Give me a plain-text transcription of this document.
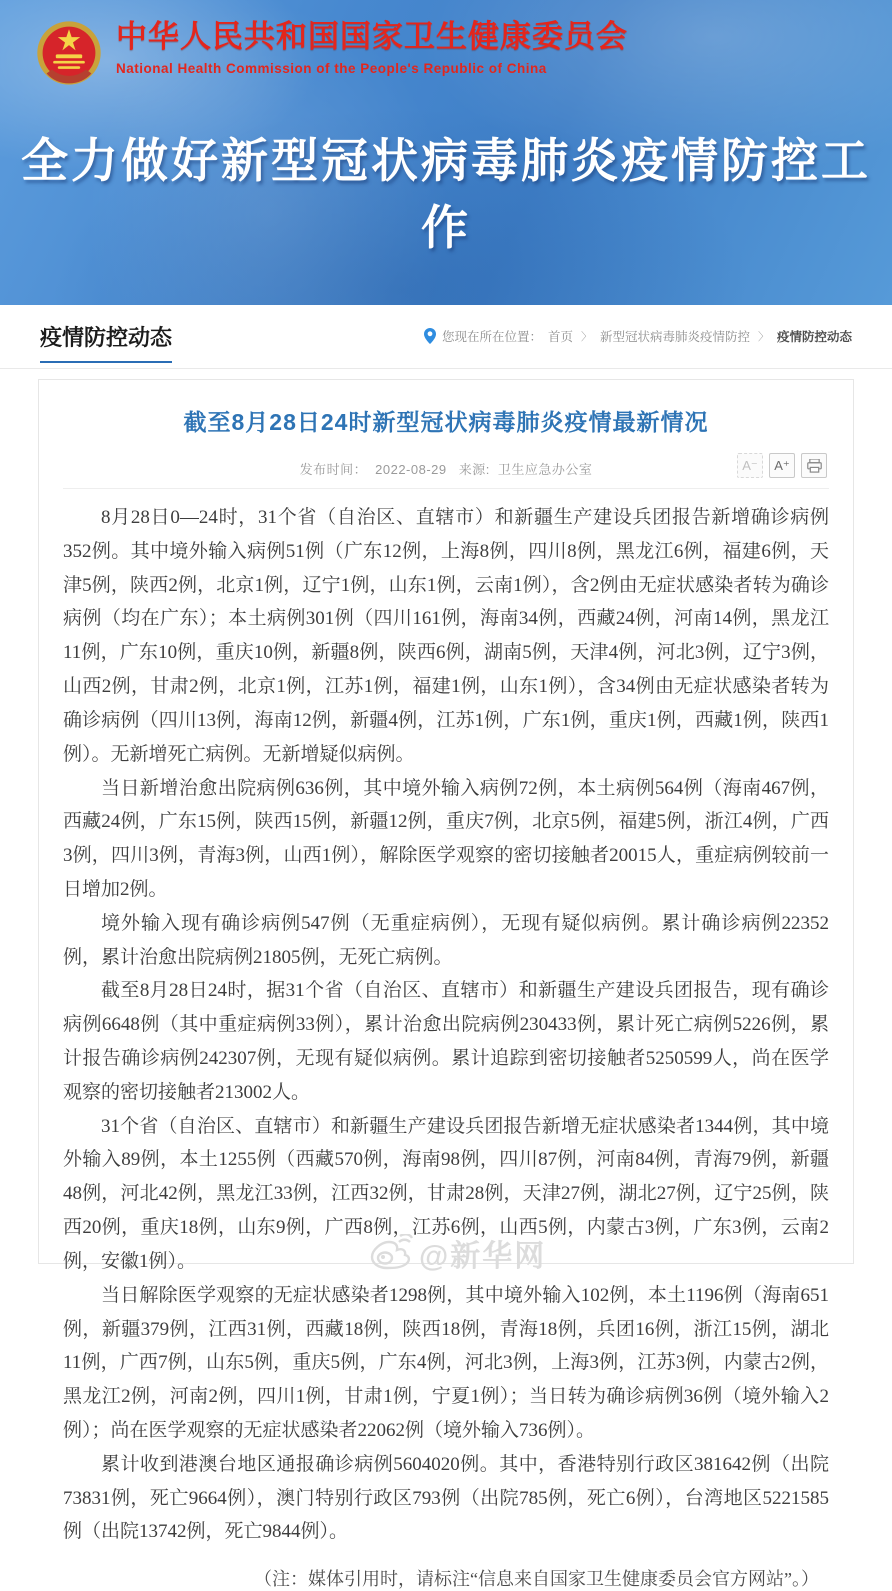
中华人民共和国国家卫生健康委员会
National Health Commission of the People's Republic of China
全力做好新型冠状病毒肺炎疫情防控工作
疫情防控动态	您现在所在位置： 首页 〉 新型冠状病毒肺炎疫情防控 〉 疫情防控动态
截至8月28日24时新型冠状病毒肺炎疫情最新情况
发布时间： 2022-08-29 来源: 卫生应急办公室	A⁻	A⁺

8月28日0—24时，31个省（自治区、直辖市）和新疆生产建设兵团报告新增确诊病例352例。其中境外输入病例51例（广东12例，上海8例，四川8例，黑龙江6例，福建6例，天津5例，陕西2例，北京1例，辽宁1例，山东1例，云南1例），含2例由无症状感染者转为确诊病例（均在广东）；本土病例301例（四川161例，海南34例，西藏24例，河南14例，黑龙江11例，广东10例，重庆10例，新疆8例，陕西6例，湖南5例，天津4例，河北3例，辽宁3例，山西2例，甘肃2例，北京1例，江苏1例，福建1例，山东1例），含34例由无症状感染者转为确诊病例（四川13例，海南12例，新疆4例，江苏1例，广东1例，重庆1例，西藏1例，陕西1例）。无新增死亡病例。无新增疑似病例。

当日新增治愈出院病例636例，其中境外输入病例72例，本土病例564例（海南467例，西藏24例，广东15例，陕西15例，新疆12例，重庆7例，北京5例，福建5例，浙江4例，广西3例，四川3例，青海3例，山西1例），解除医学观察的密切接触者20015人，重症病例较前一日增加2例。

境外输入现有确诊病例547例（无重症病例），无现有疑似病例。累计确诊病例22352例，累计治愈出院病例21805例，无死亡病例。

截至8月28日24时，据31个省（自治区、直辖市）和新疆生产建设兵团报告，现有确诊病例6648例（其中重症病例33例），累计治愈出院病例230433例，累计死亡病例5226例，累计报告确诊病例242307例，无现有疑似病例。累计追踪到密切接触者5250599人，尚在医学观察的密切接触者213002人。

31个省（自治区、直辖市）和新疆生产建设兵团报告新增无症状感染者1344例，其中境外输入89例，本土1255例（西藏570例，海南98例，四川87例，河南84例，青海79例，新疆48例，河北42例，黑龙江33例，江西32例，甘肃28例，天津27例，湖北27例，辽宁25例，陕西20例，重庆18例，山东9例，广西8例，江苏6例，山西5例，内蒙古3例，广东3例，云南2例，安徽1例）。

当日解除医学观察的无症状感染者1298例，其中境外输入102例，本土1196例（海南651例，新疆379例，江西31例，西藏18例，陕西18例，青海18例，兵团16例，浙江15例，湖北11例，广西7例，山东5例，重庆5例，广东4例，河北3例，上海3例，江苏3例，内蒙古2例，黑龙江2例，河南2例，四川1例，甘肃1例，宁夏1例）；当日转为确诊病例36例（境外输入2例）；尚在医学观察的无症状感染者22062例（境外输入736例）。

累计收到港澳台地区通报确诊病例5604020例。其中，香港特别行政区381642例（出院73831例，死亡9664例），澳门特别行政区793例（出院785例，死亡6例），台湾地区5221585例（出院13742例，死亡9844例）。

（注：媒体引用时，请标注“信息来自国家卫生健康委员会官方网站”。）
@新华网
